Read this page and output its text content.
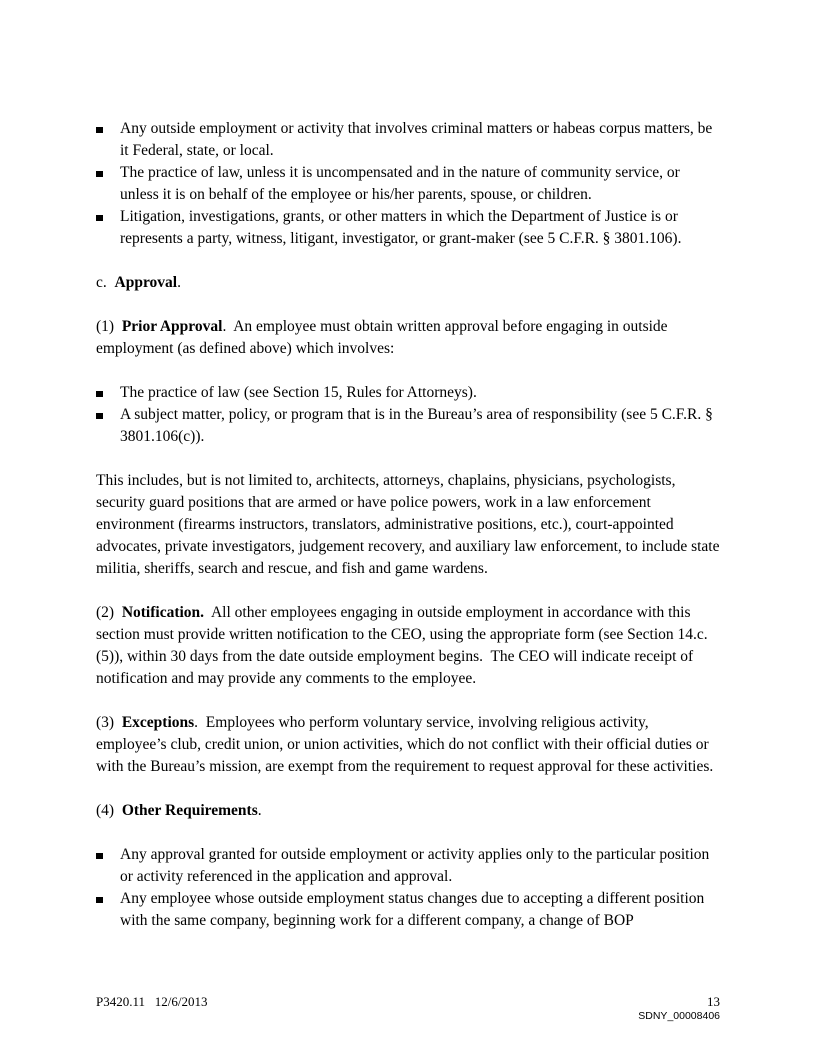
Any outside employment or activity that involves criminal matters or habeas corpus matters, be it Federal, state, or local.
The practice of law, unless it is uncompensated and in the nature of community service, or unless it is on behalf of the employee or his/her parents, spouse, or children.
Litigation, investigations, grants, or other matters in which the Department of Justice is or represents a party, witness, litigant, investigator, or grant-maker (see 5 C.F.R. § 3801.106).
c.  Approval.
(1)  Prior Approval.  An employee must obtain written approval before engaging in outside employment (as defined above) which involves:
The practice of law (see Section 15, Rules for Attorneys).
A subject matter, policy, or program that is in the Bureau’s area of responsibility (see 5 C.F.R. § 3801.106(c)).
This includes, but is not limited to, architects, attorneys, chaplains, physicians, psychologists, security guard positions that are armed or have police powers, work in a law enforcement environment (firearms instructors, translators, administrative positions, etc.), court-appointed advocates, private investigators, judgement recovery, and auxiliary law enforcement, to include state militia, sheriffs, search and rescue, and fish and game wardens.
(2)  Notification.  All other employees engaging in outside employment in accordance with this section must provide written notification to the CEO, using the appropriate form (see Section 14.c.(5)), within 30 days from the date outside employment begins.  The CEO will indicate receipt of notification and may provide any comments to the employee.
(3)  Exceptions.  Employees who perform voluntary service, involving religious activity, employee’s club, credit union, or union activities, which do not conflict with their official duties or with the Bureau’s mission, are exempt from the requirement to request approval for these activities.
(4)  Other Requirements.
Any approval granted for outside employment or activity applies only to the particular position or activity referenced in the application and approval.
Any employee whose outside employment status changes due to accepting a different position with the same company, beginning work for a different company, a change of BOP
P3420.11   12/6/2013	13
SDNY_00008406
